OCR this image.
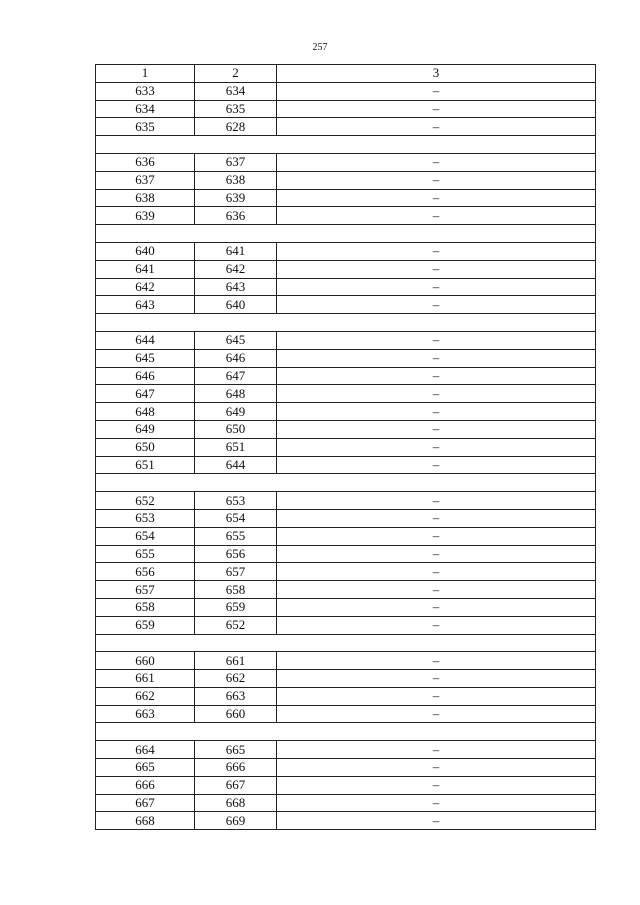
257
1	2	3
633	634	–
634	635	–
635	628	–

636	637	–
637	638	–
638	639	–
639	636	–

640	641	–
641	642	–
642	643	–
643	640	–

644	645	–
645	646	–
646	647	–
647	648	–
648	649	–
649	650	–
650	651	–
651	644	–

652	653	–
653	654	–
654	655	–
655	656	–
656	657	–
657	658	–
658	659	–
659	652	–

660	661	–
661	662	–
662	663	–
663	660	–

664	665	–
665	666	–
666	667	–
667	668	–
668	669	–
